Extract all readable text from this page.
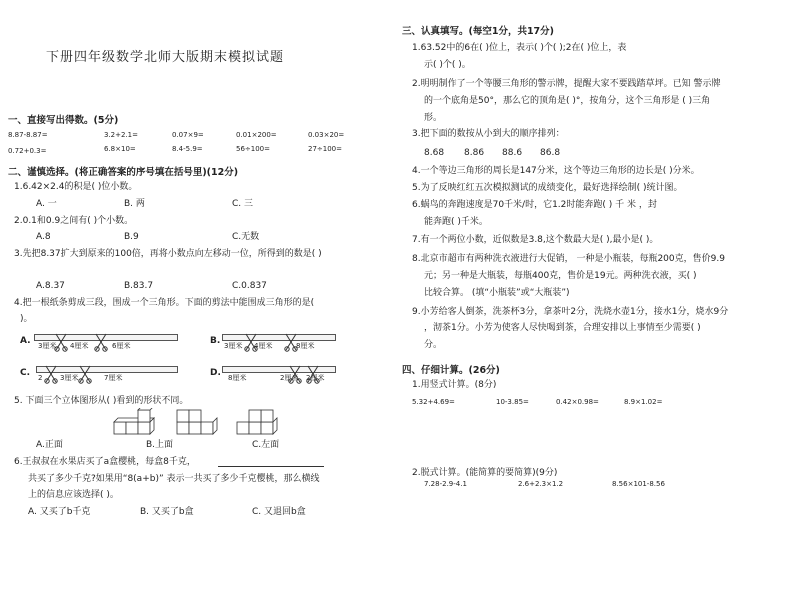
下册四年级数学北师大版期末模拟试题
一、直接写出得数。(5分)
8.87-8.87=	3.2+2.1=	0.07×9=	0.01×200=	0.03×20=
0.72+0.3=	6.8×10=	8.4-5.9=	56÷100=	27÷100=
二、谨慎选择。(将正确答案的序号填在括号里)(12分)
1.6.42×2.4的积是( )位小数。
A. 一	B. 两	C. 三
2.0.1和0.9之间有( )个小数。
A.8	B.9	C.无数
3.先把8.37扩大到原来的100倍，再将小数点向左移动一位，所得到的数是( )
A.8.37	B.83.7	C.0.837
4.把一根纸条剪成三段，围成一个三角形。下面的剪法中能围成三角形的是(
)。
A. 3厘米 4厘米	6厘米	B. 3厘米 4厘米	8厘米
C. 2	3厘米	7厘米	D. 8厘米	2厘米 2厘米
5. 下面三个立体图形从( )看到的形状不同。
A.正面	B.上面	C.左面
6.王叔叔在水果店买了a盒樱桃，每盒8千克，
共买了多少千克?如果用“8(a+b)” 表示一共买了多少千克樱桃，那么横线
上的信息应该选择( )。
A. 又买了b千克	B. 又买了b盒	C. 又退回b盒
三、认真填写。(每空1分，共17分)
1.63.52中的6在( )位上，表示( )个( );2在( )位上，表
示( )个( )。
2.明明制作了一个等腰三角形的警示牌，提醒大家不要践踏草坪。已知 警示牌
的一个底角是50°，那么它的顶角是( )°，按角分，这个三角形是 ( )三角
形。
3.把下面的数按从小到大的顺序排列：
8.68 8.86 88.6 86.8
4.一个等边三角形的周长是147分米，这个等边三角形的边长是( )分米。
5.为了反映红红五次模拟测试的成绩变化，最好选择绘制( )统计图。
6.蜗鸟的奔跑速度是70千米/时，它1.2时能奔跑( ) 千 米 ，封
能奔跑( )千米。
7.有一个两位小数，近似数是3.8,这个数最大是( ),最小是( )。
8.北京市超市有两种洗衣液进行大促销， 一种是小瓶装，每瓶200克，售价9.9
元；另一种是大瓶装，每瓶400克，售价是19元。两种洗衣液，买( )
比较合算。 (填“小瓶装”或“大瓶装”)
9.小芳给客人倒茶，洗茶杯3分，拿茶叶2分，洗烧水壶1分，接水1分，烧水9分
，沏茶1分。小芳为使客人尽快喝到茶，合理安排以上事情至少需要( )
分。
四、仔细计算。(26分)
1.用竖式计算。(8分)
5.32+4.69=	10-3.85=	0.42×0.98=	8.9×1.02=
2.脱式计算。(能简算的要简算)(9分)
7.28-2.9-4.1	2.6+2.3×1.2	8.56×101-8.56
